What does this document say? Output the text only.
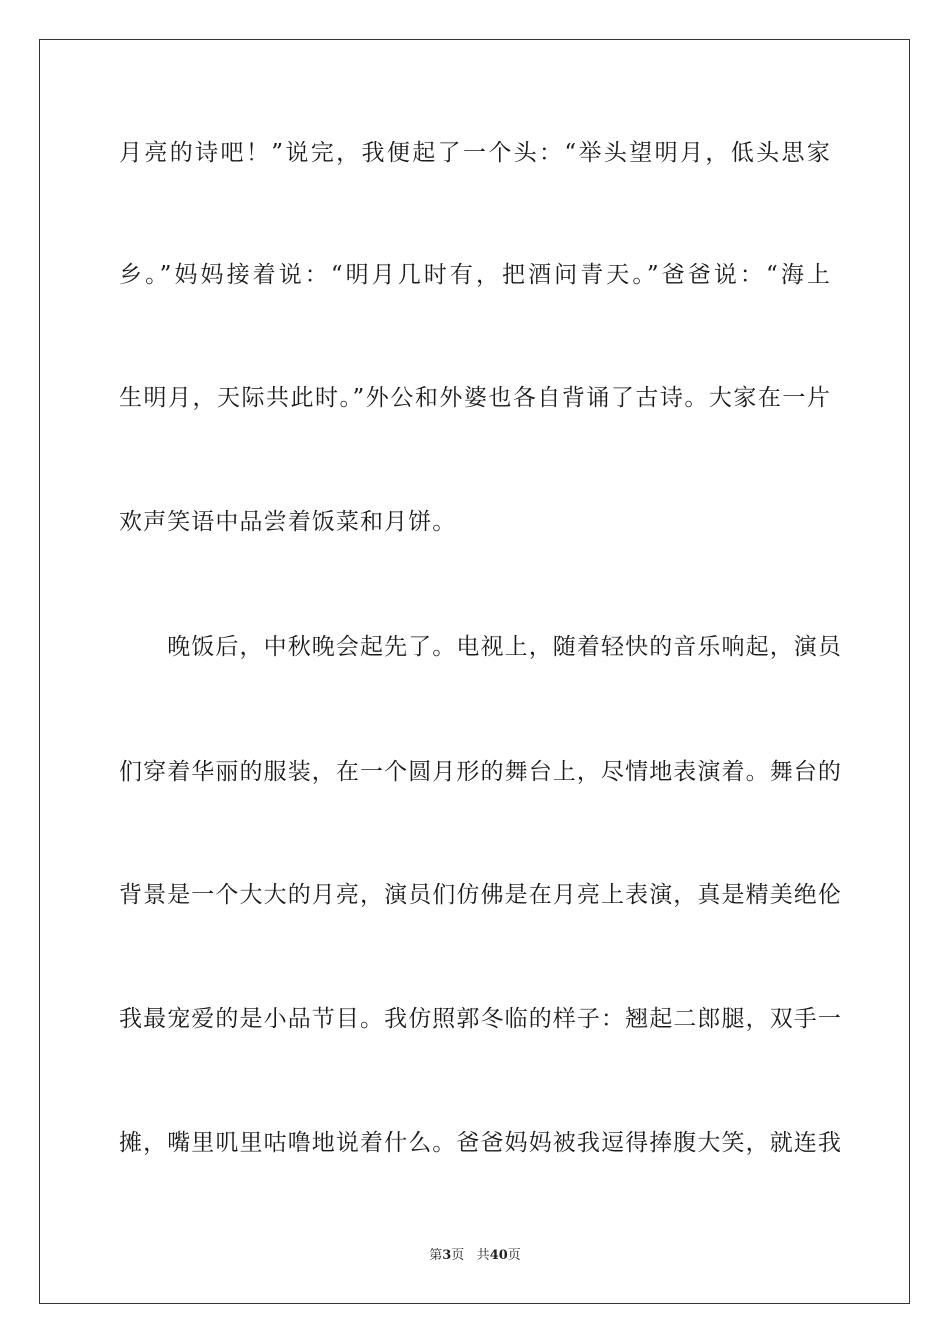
月亮的诗吧！”说完，我便起了一个头：“举头望明月，低头思家
乡。”妈妈接着说：“明月几时有，把酒问青天。”爸爸说：“海上
生明月，天际共此时。”外公和外婆也各自背诵了古诗。大家在一片
欢声笑语中品尝着饭菜和月饼。
　　晚饭后，中秋晚会起先了。电视上，随着轻快的音乐响起，演员
们穿着华丽的服装，在一个圆月形的舞台上，尽情地表演着。舞台的
背景是一个大大的月亮，演员们仿佛是在月亮上表演，真是精美绝伦
我最宠爱的是小品节目。我仿照郭冬临的样子：翘起二郎腿，双手一
摊，嘴里叽里咕噜地说着什么。爸爸妈妈被我逗得捧腹大笑，就连我
第3页 共40页
